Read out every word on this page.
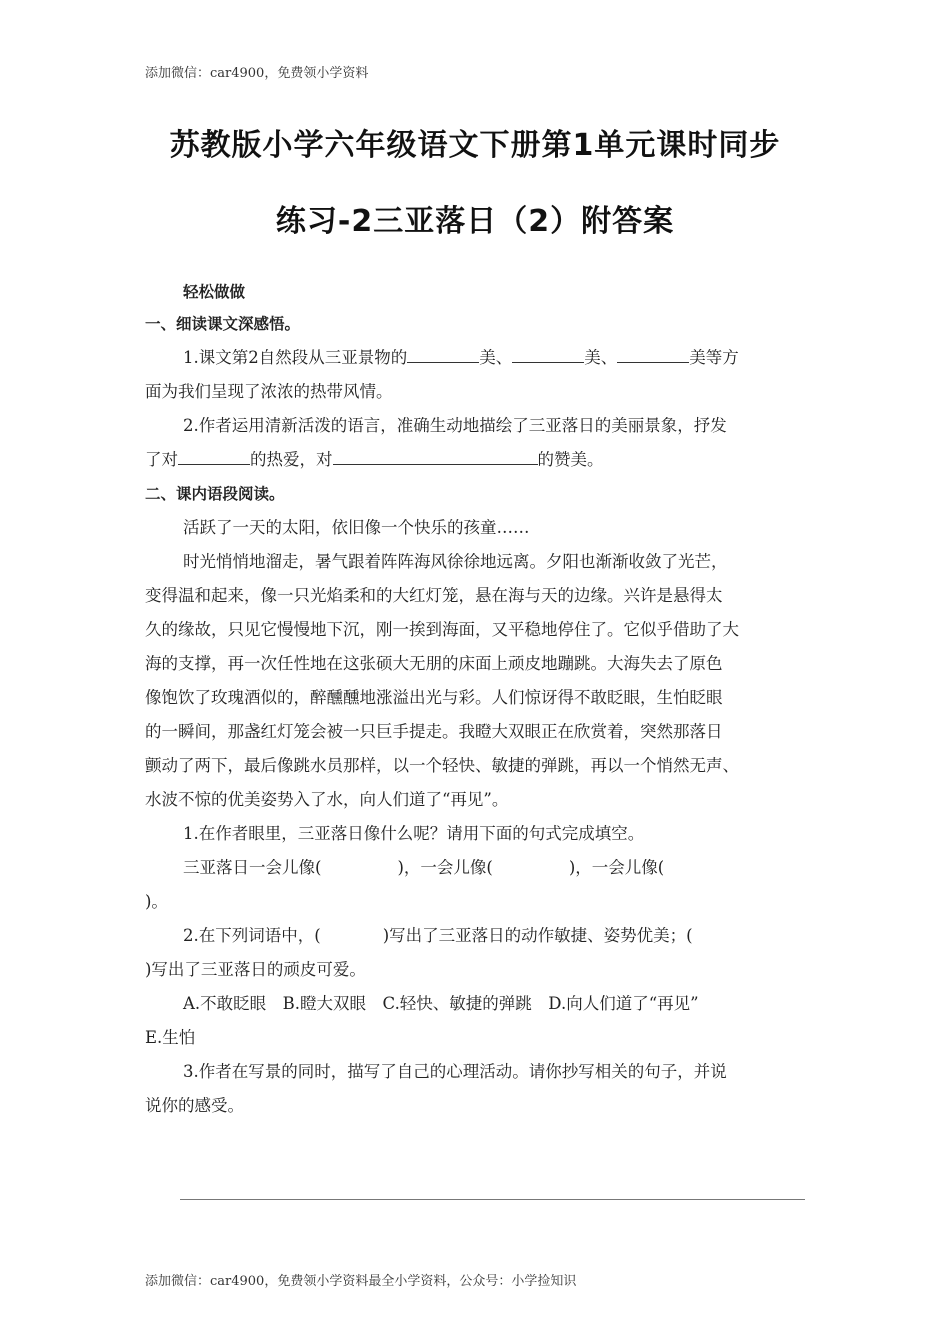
添加微信：car4900，免费领小学资料
苏教版小学六年级语文下册第1单元课时同步
练习-2三亚落日（2）附答案
轻松做做
一、细读课文深感悟。
1.课文第2自然段从三亚景物的	美、	美、	美等方
面为我们呈现了浓浓的热带风情。
2.作者运用清新活泼的语言，准确生动地描绘了三亚落日的美丽景象，抒发
了对	的热爱，对	的赞美。
二、课内语段阅读。
活跃了一天的太阳，依旧像一个快乐的孩童……
时光悄悄地溜走，暑气跟着阵阵海风徐徐地远离。夕阳也渐渐收敛了光芒，
变得温和起来，像一只光焰柔和的大红灯笼，悬在海与天的边缘。兴许是悬得太
久的缘故，只见它慢慢地下沉，刚一挨到海面，又平稳地停住了。它似乎借助了大
海的支撑，再一次任性地在这张硕大无朋的床面上顽皮地蹦跳。大海失去了原色
像饱饮了玫瑰酒似的，醉醺醺地涨溢出光与彩。人们惊讶得不敢眨眼，生怕眨眼
的一瞬间，那盏红灯笼会被一只巨手提走。我瞪大双眼正在欣赏着，突然那落日
颤动了两下，最后像跳水员那样，以一个轻快、敏捷的弹跳，再以一个悄然无声、
水波不惊的优美姿势入了水，向人们道了“再见”。
1.在作者眼里，三亚落日像什么呢？请用下面的句式完成填空。
三亚落日一会儿像(	)，一会儿像(	)，一会儿像(
)。
2.在下列词语中，(	)写出了三亚落日的动作敏捷、姿势优美；(
)写出了三亚落日的顽皮可爱。
A.不敢眨眼　B.瞪大双眼　C.轻快、敏捷的弹跳　D.向人们道了“再见”
E.生怕
3.作者在写景的同时，描写了自己的心理活动。请你抄写相关的句子，并说
说你的感受。
添加微信：car4900，免费领小学资料最全小学资料，公众号：小学捡知识
